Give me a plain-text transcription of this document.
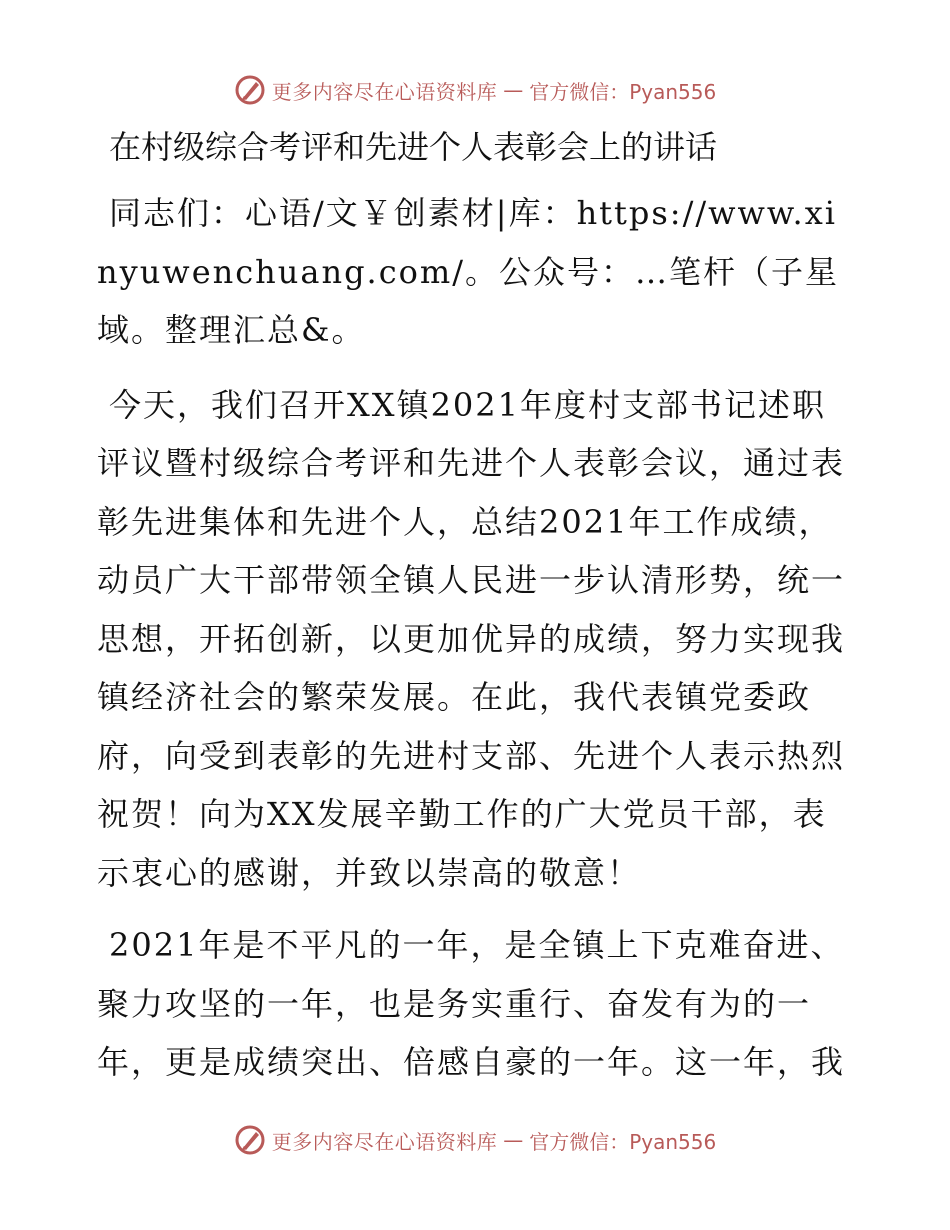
更多内容尽在心语资料库 — 官方微信：Pyan556
在村级综合考评和先进个人表彰会上的讲话

同志们：心语/文￥创素材|库：https://www.xinyuwenchuang.com/。公众号：…笔杆（子星域。整理汇总&。

今天，我们召开XX镇2021年度村支部书记述职评议暨村级综合考评和先进个人表彰会议，通过表彰先进集体和先进个人，总结2021年工作成绩，动员广大干部带领全镇人民进一步认清形势，统一思想，开拓创新，以更加优异的成绩，努力实现我镇经济社会的繁荣发展。在此，我代表镇党委政府，向受到表彰的先进村支部、先进个人表示热烈祝贺！向为XX发展辛勤工作的广大党员干部，表示衷心的感谢，并致以崇高的敬意！

2021年是不平凡的一年，是全镇上下克难奋进、聚力攻坚的一年，也是务实重行、奋发有为的一年，更是成绩突出、倍感自豪的一年。这一年，我

更多内容尽在心语资料库 — 官方微信：Pyan556
